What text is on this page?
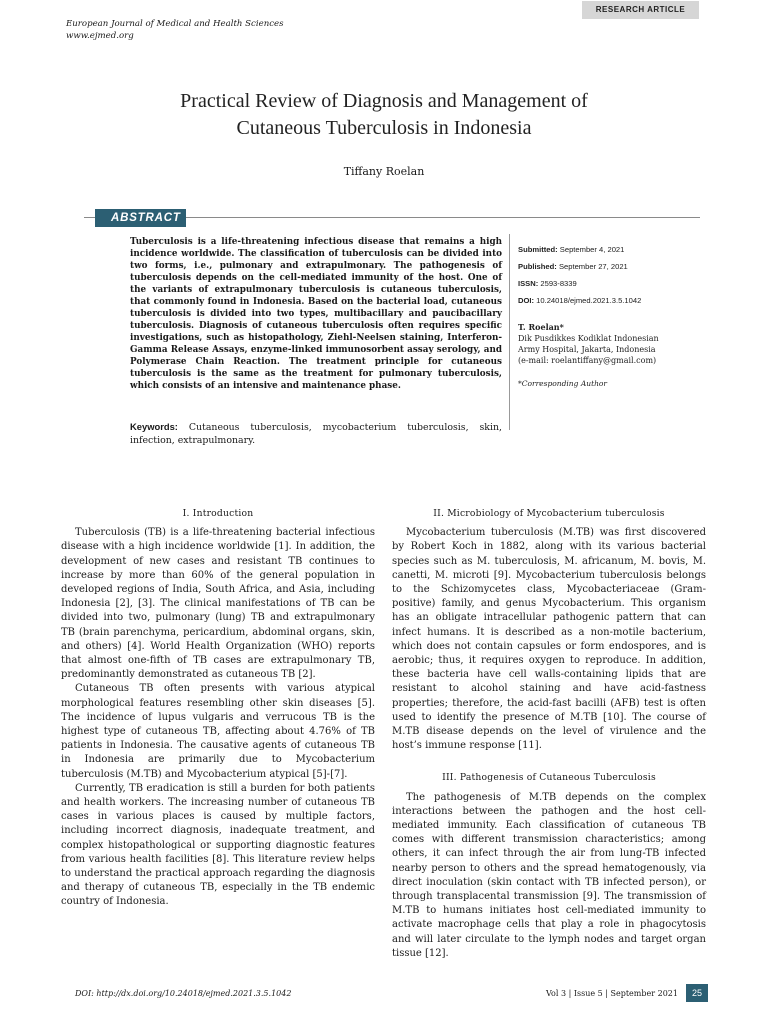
European Journal of Medical and Health Sciences
www.ejmed.org
RESEARCH ARTICLE
Practical Review of Diagnosis and Management of
Cutaneous Tuberculosis in Indonesia
Tiffany Roelan
ABSTRACT

Tuberculosis is a life-threatening infectious disease that remains a high incidence worldwide. The classification of tuberculosis can be divided into two forms, i.e., pulmonary and extrapulmonary. The pathogenesis of tuberculosis depends on the cell-mediated immunity of the host. One of the variants of extrapulmonary tuberculosis is cutaneous tuberculosis, that commonly found in Indonesia. Based on the bacterial load, cutaneous tuberculosis is divided into two types, multibacillary and paucibacillary tuberculosis. Diagnosis of cutaneous tuberculosis often requires specific investigations, such as histopathology, Ziehl-Neelsen staining, Interferon-Gamma Release Assays, enzyme-linked immunosorbent assay serology, and Polymerase Chain Reaction. The treatment principle for cutaneous tuberculosis is the same as the treatment for pulmonary tuberculosis, which consists of an intensive and maintenance phase.

Submitted: September 4, 2021
Published: September 27, 2021
ISSN: 2593-8339
DOI: 10.24018/ejmed.2021.3.5.1042
T. Roelan*
Dik Pusdikkes Kodiklat Indonesian
Army Hospital, Jakarta, Indonesia
(e-mail: roelantiffany@gmail.com)
*Corresponding Author

Keywords: Cutaneous tuberculosis, mycobacterium tuberculosis, skin, infection, extrapulmonary.

I. Introduction

Tuberculosis (TB) is a life-threatening bacterial infectious disease with a high incidence worldwide [1]. In addition, the development of new cases and resistant TB continues to increase by more than 60% of the general population in developed regions of India, South Africa, and Asia, including Indonesia [2], [3]. The clinical manifestations of TB can be divided into two, pulmonary (lung) TB and extrapulmonary TB (brain parenchyma, pericardium, abdominal organs, skin, and others) [4]. World Health Organization (WHO) reports that almost one-fifth of TB cases are extrapulmonary TB, predominantly demonstrated as cutaneous TB [2].

Cutaneous TB often presents with various atypical morphological features resembling other skin diseases [5]. The incidence of lupus vulgaris and verrucous TB is the highest type of cutaneous TB, affecting about 4.76% of TB patients in Indonesia. The causative agents of cutaneous TB in Indonesia are primarily due to Mycobacterium tuberculosis (M.TB) and Mycobacterium atypical [5]-[7].

Currently, TB eradication is still a burden for both patients and health workers. The increasing number of cutaneous TB cases in various places is caused by multiple factors, including incorrect diagnosis, inadequate treatment, and complex histopathological or supporting diagnostic features from various health facilities [8]. This literature review helps to understand the practical approach regarding the diagnosis and therapy of cutaneous TB, especially in the TB endemic country of Indonesia.

II. Microbiology of Mycobacterium tuberculosis

Mycobacterium tuberculosis (M.TB) was first discovered by Robert Koch in 1882, along with its various bacterial species such as M. tuberculosis, M. africanum, M. bovis, M. canetti, M. microti [9]. Mycobacterium tuberculosis belongs to the Schizomycetes class, Mycobacteriaceae (Gram-positive) family, and genus Mycobacterium. This organism has an obligate intracellular pathogenic pattern that can infect humans. It is described as a non-motile bacterium, which does not contain capsules or form endospores, and is aerobic; thus, it requires oxygen to reproduce. In addition, these bacteria have cell walls-containing lipids that are resistant to alcohol staining and have acid-fastness properties; therefore, the acid-fast bacilli (AFB) test is often used to identify the presence of M.TB [10]. The course of M.TB disease depends on the level of virulence and the host’s immune response [11].

III. Pathogenesis of Cutaneous Tuberculosis

The pathogenesis of M.TB depends on the complex interactions between the pathogen and the host cell-mediated immunity. Each classification of cutaneous TB comes with different transmission characteristics; among others, it can infect through the air from lung-TB infected nearby person to others and the spread hematogenously, via direct inoculation (skin contact with TB infected person), or through transplacental transmission [9]. The transmission of M.TB to humans initiates host cell-mediated immunity to activate macrophage cells that play a role in phagocytosis and will later circulate to the lymph nodes and target organ tissue [12].

DOI: http://dx.doi.org/10.24018/ejmed.2021.3.5.1042	Vol 3 | Issue 5 | September 2021	25
